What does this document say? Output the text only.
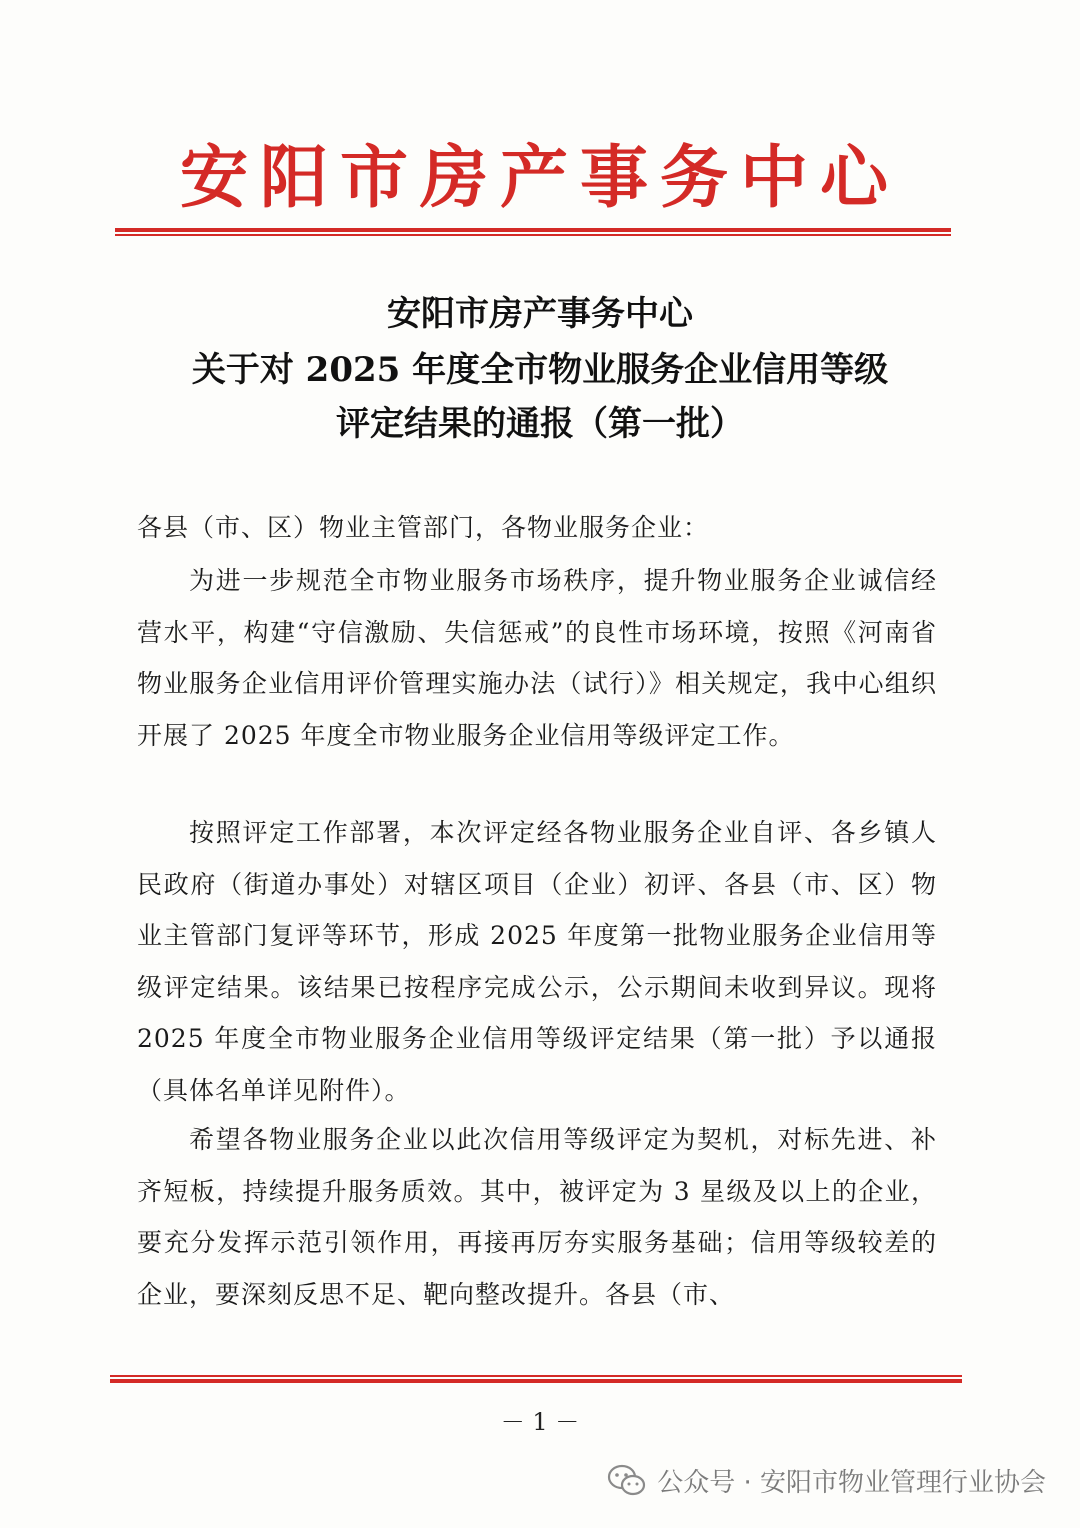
安阳市房产事务中心
安阳市房产事务中心
关于对 2025 年度全市物业服务企业信用等级
评定结果的通报（第一批）
各县（市、区）物业主管部门，各物业服务企业：

为进一步规范全市物业服务市场秩序，提升物业服务企业诚信经营水平，构建“守信激励、失信惩戒”的良性市场环境，按照《河南省物业服务企业信用评价管理实施办法（试行）》相关规定，我中心组织开展了 2025 年度全市物业服务企业信用等级评定工作。

按照评定工作部署，本次评定经各物业服务企业自评、各乡镇人民政府（街道办事处）对辖区项目（企业）初评、各县（市、区）物业主管部门复评等环节，形成 2025 年度第一批物业服务企业信用等级评定结果。该结果已按程序完成公示，公示期间未收到异议。现将 2025 年度全市物业服务企业信用等级评定结果（第一批）予以通报（具体名单详见附件）。

希望各物业服务企业以此次信用等级评定为契机，对标先进、补齐短板，持续提升服务质效。其中，被评定为 3 星级及以上的企业，要充分发挥示范引领作用，再接再厉夯实服务基础；信用等级较差的企业，要深刻反思不足、靶向整改提升。各县（市、

－ 1 －
公众号 · 安阳市物业管理行业协会
